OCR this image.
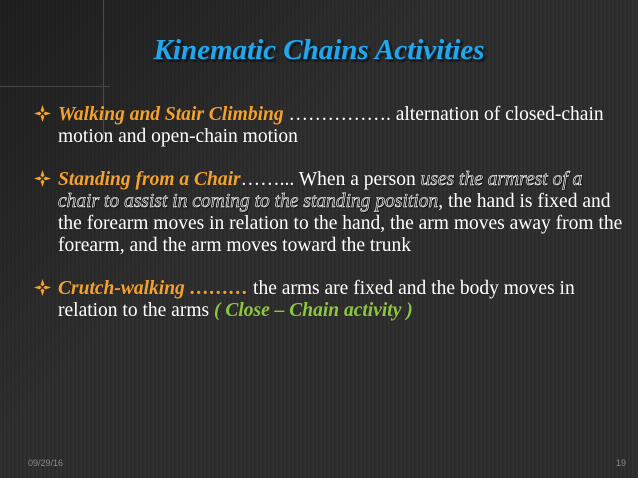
Kinematic Chains Activities
Walking and Stair Climbing ……………. alternation of closed-chain motion and open-chain motion
Standing from a Chair……... When a person uses the armrest of a chair to assist in coming to the standing position, the hand is fixed and the forearm moves in relation to the hand, the arm moves away from the forearm, and the arm moves toward the trunk
Crutch-walking ……… the arms are fixed and the body moves in relation to the arms ( Close – Chain activity )
09/29/16	19
